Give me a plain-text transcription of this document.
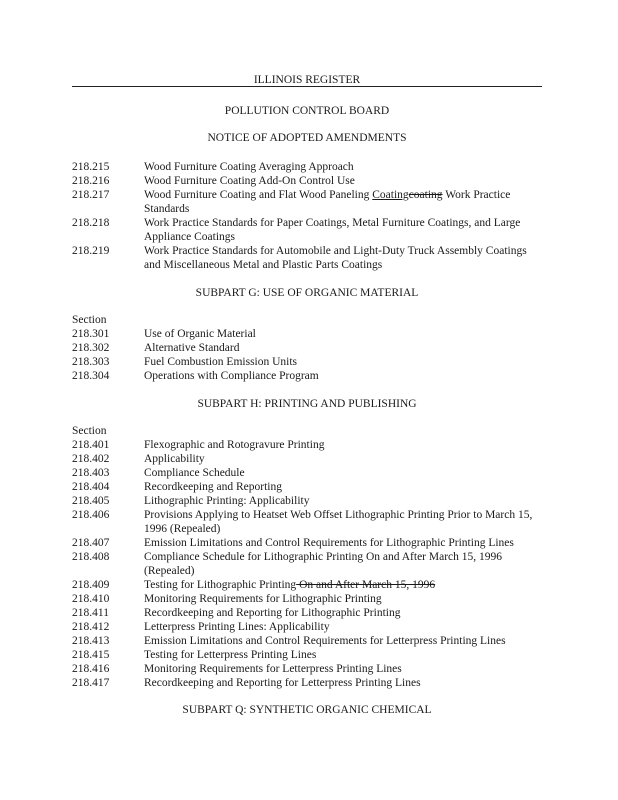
ILLINOIS REGISTER
POLLUTION CONTROL BOARD
NOTICE OF ADOPTED AMENDMENTS
218.215	Wood Furniture Coating Averaging Approach
218.216	Wood Furniture Coating Add-On Control Use
218.217	Wood Furniture Coating and Flat Wood Paneling Coatingcoating Work Practice Standards
218.218	Work Practice Standards for Paper Coatings, Metal Furniture Coatings, and Large Appliance Coatings
218.219	Work Practice Standards for Automobile and Light-Duty Truck Assembly Coatings and Miscellaneous Metal and Plastic Parts Coatings
SUBPART G: USE OF ORGANIC MATERIAL
Section
218.301	Use of Organic Material
218.302	Alternative Standard
218.303	Fuel Combustion Emission Units
218.304	Operations with Compliance Program
SUBPART H: PRINTING AND PUBLISHING
Section
218.401	Flexographic and Rotogravure Printing
218.402	Applicability
218.403	Compliance Schedule
218.404	Recordkeeping and Reporting
218.405	Lithographic Printing: Applicability
218.406	Provisions Applying to Heatset Web Offset Lithographic Printing Prior to March 15, 1996 (Repealed)
218.407	Emission Limitations and Control Requirements for Lithographic Printing Lines
218.408	Compliance Schedule for Lithographic Printing On and After March 15, 1996 (Repealed)
218.409	Testing for Lithographic Printing On and After March 15, 1996
218.410	Monitoring Requirements for Lithographic Printing
218.411	Recordkeeping and Reporting for Lithographic Printing
218.412	Letterpress Printing Lines: Applicability
218.413	Emission Limitations and Control Requirements for Letterpress Printing Lines
218.415	Testing for Letterpress Printing Lines
218.416	Monitoring Requirements for Letterpress Printing Lines
218.417	Recordkeeping and Reporting for Letterpress Printing Lines
SUBPART Q: SYNTHETIC ORGANIC CHEMICAL
